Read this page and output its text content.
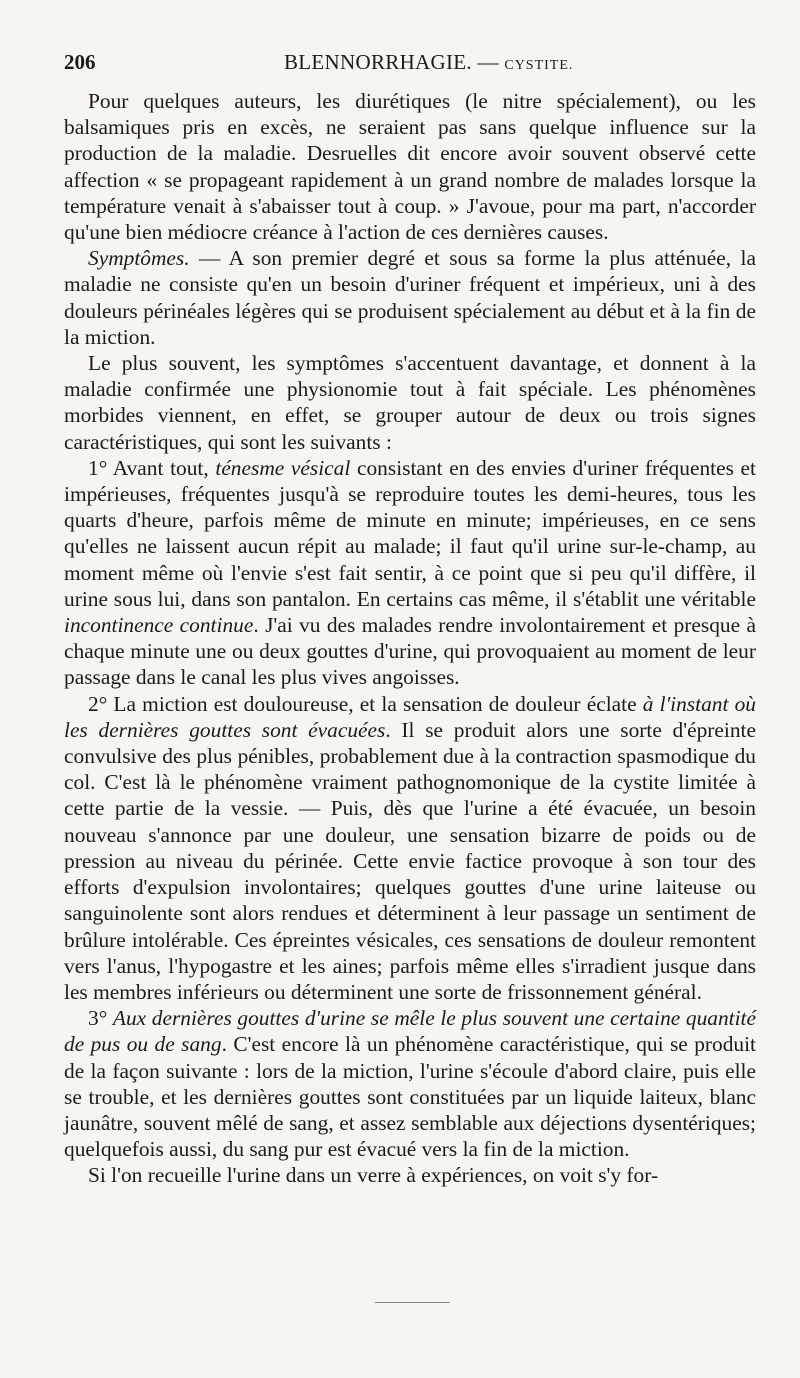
206	BLENNORRHAGIE. — CYSTITE.

Pour quelques auteurs, les diurétiques (le nitre spécialement), ou les balsamiques pris en excès, ne seraient pas sans quelque influence sur la production de la maladie. Desruelles dit encore avoir souvent observé cette affection « se propageant rapidement à un grand nombre de malades lorsque la température venait à s'abaisser tout à coup. » J'avoue, pour ma part, n'accorder qu'une bien médiocre créance à l'action de ces dernières causes.

Symptômes. — A son premier degré et sous sa forme la plus atténuée, la maladie ne consiste qu'en un besoin d'uriner fréquent et impérieux, uni à des douleurs périnéales légères qui se produisent spécialement au début et à la fin de la miction.

Le plus souvent, les symptômes s'accentuent davantage, et donnent à la maladie confirmée une physionomie tout à fait spéciale. Les phénomènes morbides viennent, en effet, se grouper autour de deux ou trois signes caractéristiques, qui sont les suivants :

1° Avant tout, ténesme vésical consistant en des envies d'uriner fréquentes et impérieuses, fréquentes jusqu'à se reproduire toutes les demi-heures, tous les quarts d'heure, parfois même de minute en minute; impérieuses, en ce sens qu'elles ne laissent aucun répit au malade; il faut qu'il urine sur-le-champ, au moment même où l'envie s'est fait sentir, à ce point que si peu qu'il diffère, il urine sous lui, dans son pantalon. En certains cas même, il s'établit une véritable incontinence continue. J'ai vu des malades rendre involontairement et presque à chaque minute une ou deux gouttes d'urine, qui provoquaient au moment de leur passage dans le canal les plus vives angoisses.

2° La miction est douloureuse, et la sensation de douleur éclate à l'instant où les dernières gouttes sont évacuées. Il se produit alors une sorte d'épreinte convulsive des plus pénibles, probablement due à la contraction spasmodique du col. C'est là le phénomène vraiment pathognomonique de la cystite limitée à cette partie de la vessie. — Puis, dès que l'urine a été évacuée, un besoin nouveau s'annonce par une douleur, une sensation bizarre de poids ou de pression au niveau du périnée. Cette envie factice provoque à son tour des efforts d'expulsion involontaires; quelques gouttes d'une urine laiteuse ou sanguinolente sont alors rendues et déterminent à leur passage un sentiment de brûlure intolérable. Ces épreintes vésicales, ces sensations de douleur remontent vers l'anus, l'hypogastre et les aines; parfois même elles s'irradient jusque dans les membres inférieurs ou déterminent une sorte de frissonnement général.

3° Aux dernières gouttes d'urine se mêle le plus souvent une certaine quantité de pus ou de sang. C'est encore là un phénomène caractéristique, qui se produit de la façon suivante : lors de la miction, l'urine s'écoule d'abord claire, puis elle se trouble, et les dernières gouttes sont constituées par un liquide laiteux, blanc jaunâtre, souvent mêlé de sang, et assez semblable aux déjections dysentériques; quelquefois aussi, du sang pur est évacué vers la fin de la miction.

Si l'on recueille l'urine dans un verre à expériences, on voit s'y for-
